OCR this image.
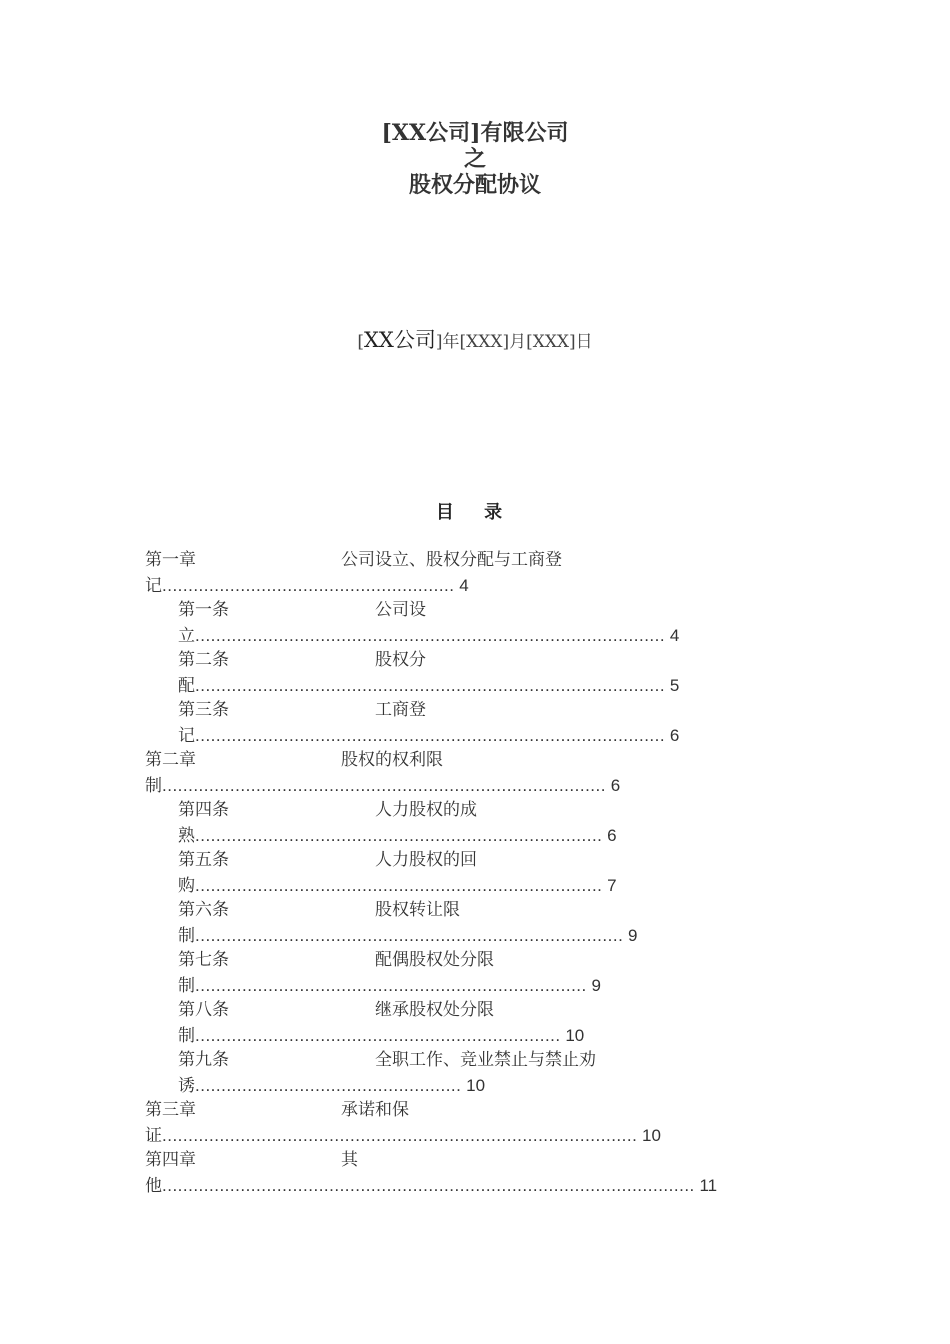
[XX公司]有限公司
之
股权分配协议
[XX公司]年[XXX]月[XXX]日
目 录
第一章	公司设立、股权分配与工商登
记........................................................ 4
第一条	公司设
立.......................................................................................... 4
第二条	股权分
配.......................................................................................... 5
第三条	工商登
记.......................................................................................... 6
第二章	股权的权利限
制..................................................................................... 6
第四条	人力股权的成
熟.............................................................................. 6
第五条	人力股权的回
购.............................................................................. 7
第六条	股权转让限
制.................................................................................. 9
第七条	配偶股权处分限
制........................................................................... 9
第八条	继承股权处分限
制...................................................................... 10
第九条	全职工作、竞业禁止与禁止劝
诱................................................... 10
第三章	承诺和保
证........................................................................................... 10
第四章	其
他...................................................................................................... 11
